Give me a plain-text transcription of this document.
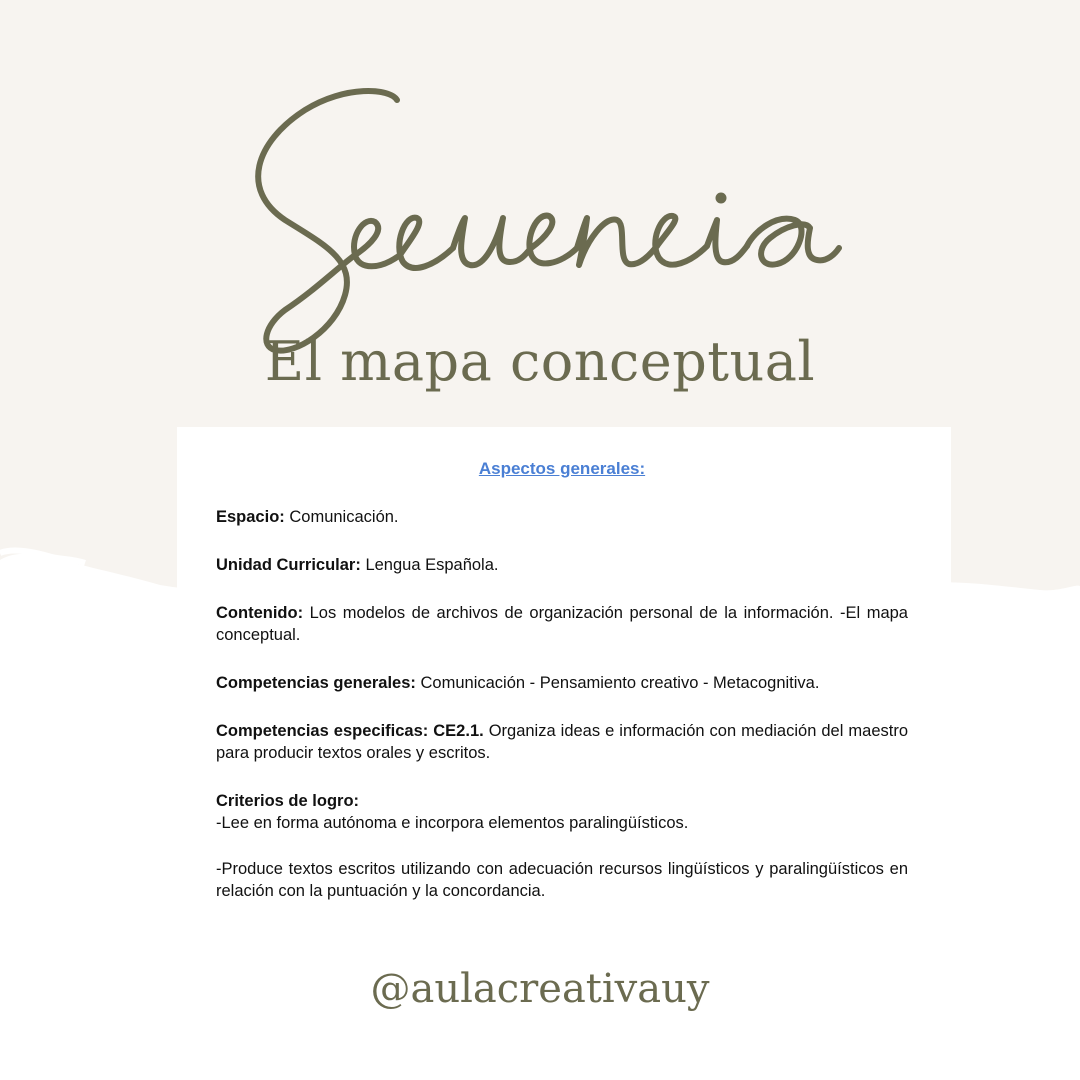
El mapa conceptual
Aspectos generales:
Espacio: Comunicación.
Unidad Curricular: Lengua Española.
Contenido: Los modelos de archivos de organización personal de la información. -El mapa conceptual.
Competencias generales: Comunicación - Pensamiento creativo - Metacognitiva.
Competencias especificas: CE2.1. Organiza ideas e información con mediación del maestro para producir textos orales y escritos.
Criterios de logro:
-Lee en forma autónoma e incorpora elementos paralingüísticos.
-Produce textos escritos utilizando con adecuación recursos lingüísticos y paralingüísticos en relación con la puntuación y la concordancia.
@aulacreativauy
